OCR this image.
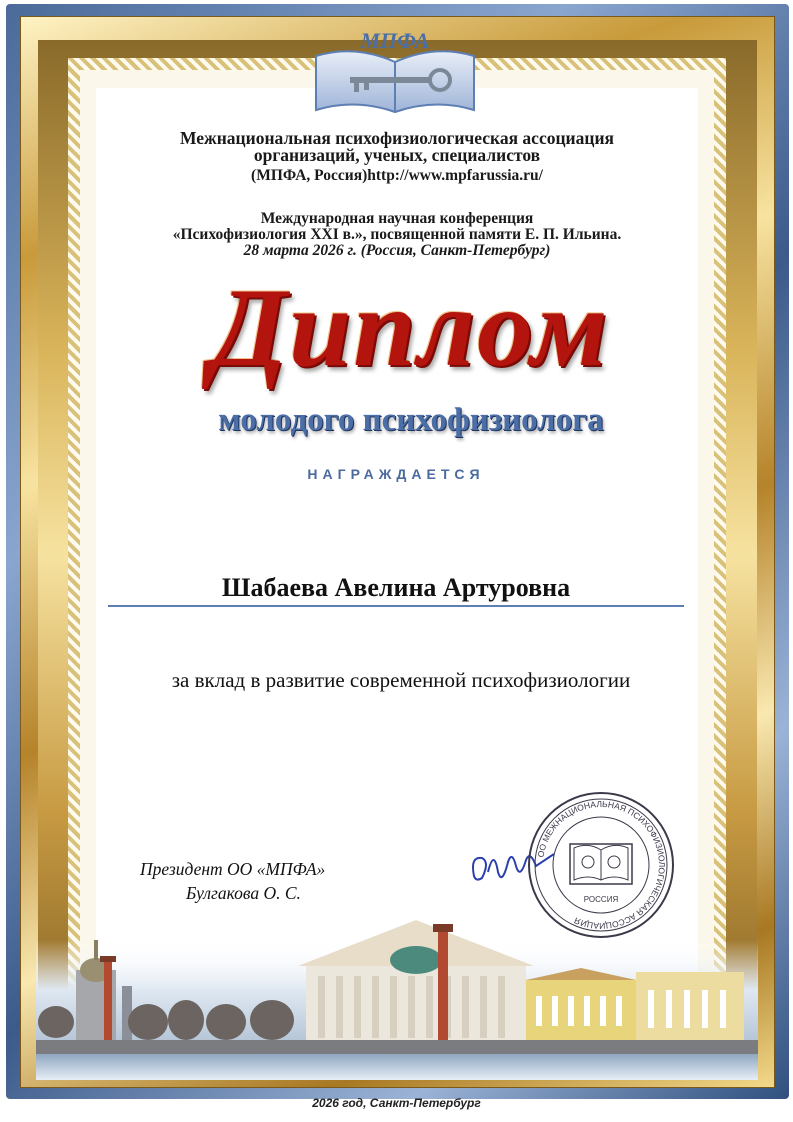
МПФА
Межнациональная психофизиологическая ассоциация
организаций, ученых, специалистов
(МПФА, Россия)http://www.mpfarussia.ru/
Международная научная конференция
«Психофизиология XXI в.», посвященной памяти Е. П. Ильина.
28 марта 2026 г. (Россия, Санкт-Петербург)
Диплом
молодого психофизиолога
НАГРАЖДАЕТСЯ
Шабаева Авелина Артуровна
за вклад в развитие современной психофизиологии
Президент ОО «МПФА»
Булгакова О. С.
ОО МЕЖНАЦИОНАЛЬНАЯ ПСИХОФИЗИОЛОГИЧЕСКАЯ АССОЦИАЦИЯ
РОССИЯ
2026 год, Санкт-Петербург
